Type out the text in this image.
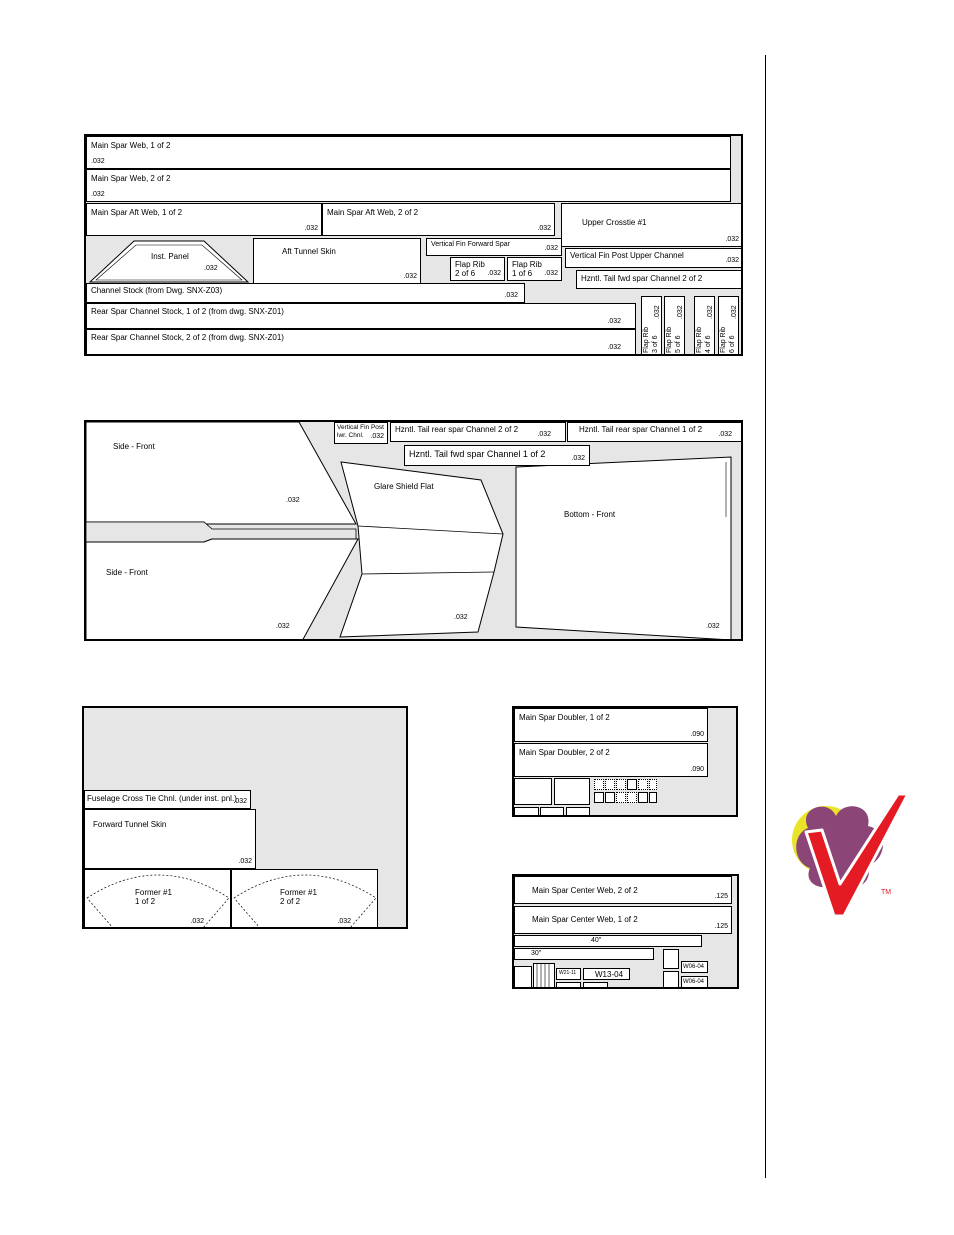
Main Spar Web, 1 of 2
.032
Main Spar Web, 2 of 2
.032
Main Spar Aft Web, 1 of 2
.032
Main Spar Aft Web, 2 of 2
.032
Upper Crosstie #1
.032
Inst. Panel
.032
Aft Tunnel Skin
.032
Vertical Fin Forward Spar
.032
Flap Rib
2 of 6 .032
Flap Rib
1 of 6 .032
Vertical Fin Post Upper Channel
.032
Hzntl. Tail fwd spar Channel 2 of 2
Channel Stock (from Dwg. SNX-Z03)
.032
Rear Spar Channel Stock, 1 of 2 (from dwg. SNX-Z01)
.032
Rear Spar Channel Stock, 2 of 2 (from dwg. SNX-Z01)
.032	Flap Rib 3 of 6
.032
Flap Rib 5 of 6
.032
Flap Rib 4 of 6
.032
Flap Rib 6 of 6
.032
Side - Front
.032
Side - Front
.032
Glare Shield Flat
.032
Bottom - Front
.032
Vertical Fin Post
lwr. Chnl. .032
Hzntl. Tail rear spar Channel 2 of 2
.032
Hzntl. Tail rear spar Channel 1 of 2
.032
Hzntl. Tail fwd spar Channel 1 of 2	.032
Fuselage Cross Tie Chnl. (under inst. pnl.)
.032
Forward Tunnel Skin
.032
Former #1
1 of 2
.032
Former #1
2 of 2
.032
Main Spar Doubler, 1 of 2
.090
Main Spar Doubler, 2 of 2
.090
Main Spar Center Web, 2 of 2
.125
Main Spar Center Web, 1 of 2
.125
40"
30"
W21-11 W13-04
W06-04
W06-04
TM
